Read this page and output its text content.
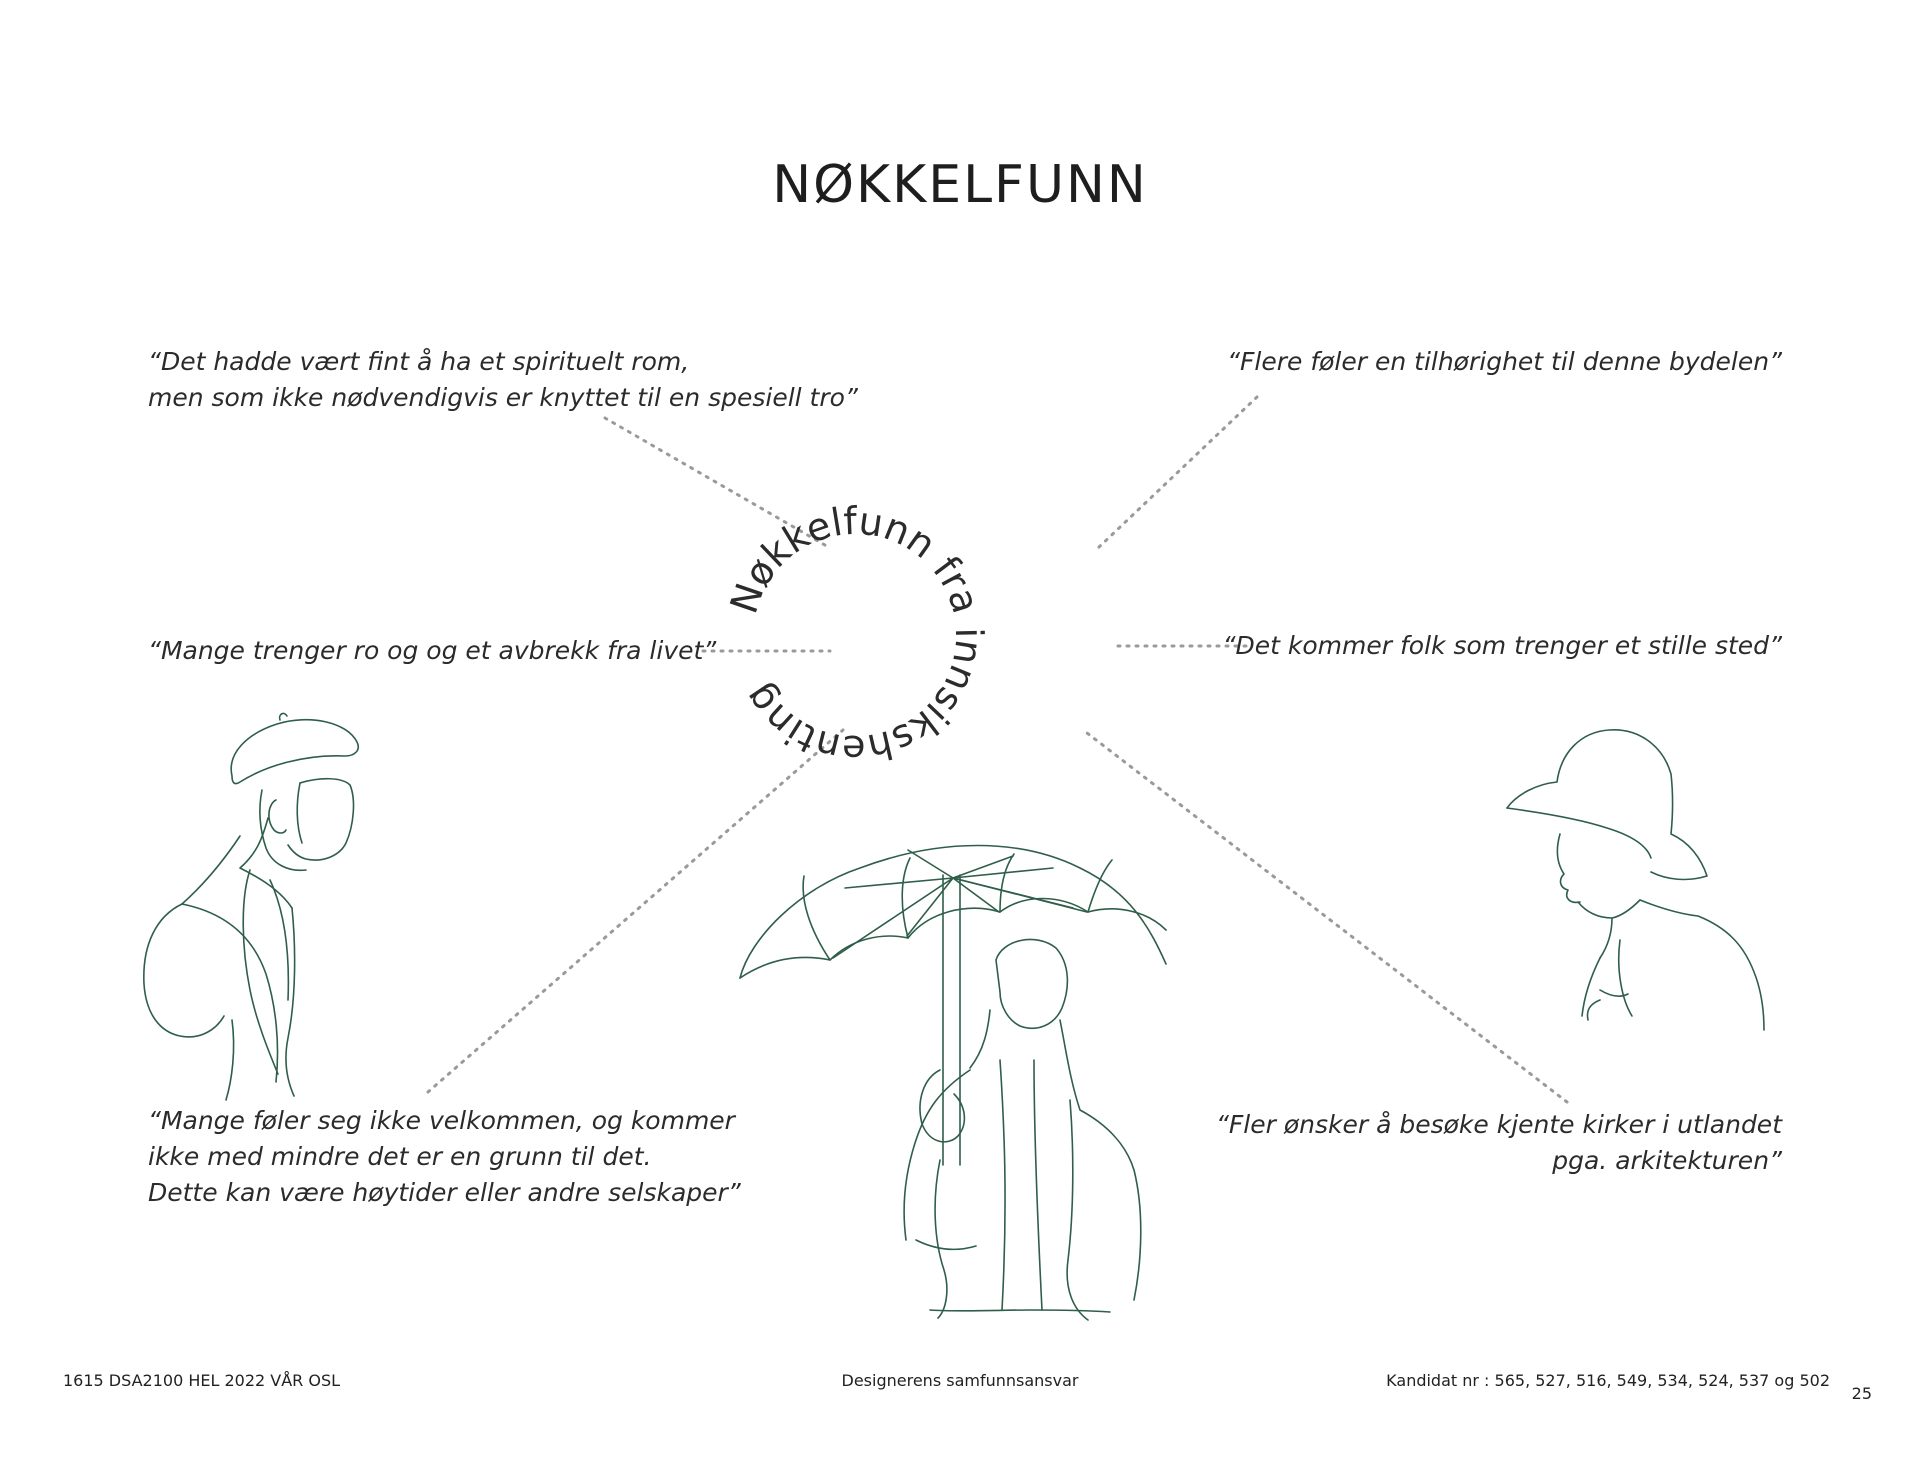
NØKKELFUNN
Nøkkelfunn fra innsikshenting
“Det hadde vært fint å ha et spirituelt rom,
men som ikke nødvendigvis er knyttet til en spesiell tro”
“Flere føler en tilhørighet til denne bydelen”
“Mange trenger ro og og et avbrekk fra livet”	“Det kommer folk som trenger et stille sted”
“Mange føler seg ikke velkommen, og kommer
ikke med mindre det er en grunn til det.
Dette kan være høytider eller andre selskaper”
“Fler ønsker å besøke kjente kirker i utlandet
pga. arkitekturen”
1615 DSA2100 HEL 2022 VÅR OSL	Designerens samfunnsansvar	Kandidat nr : 565, 527, 516, 549, 534, 524, 537 og 502
25
